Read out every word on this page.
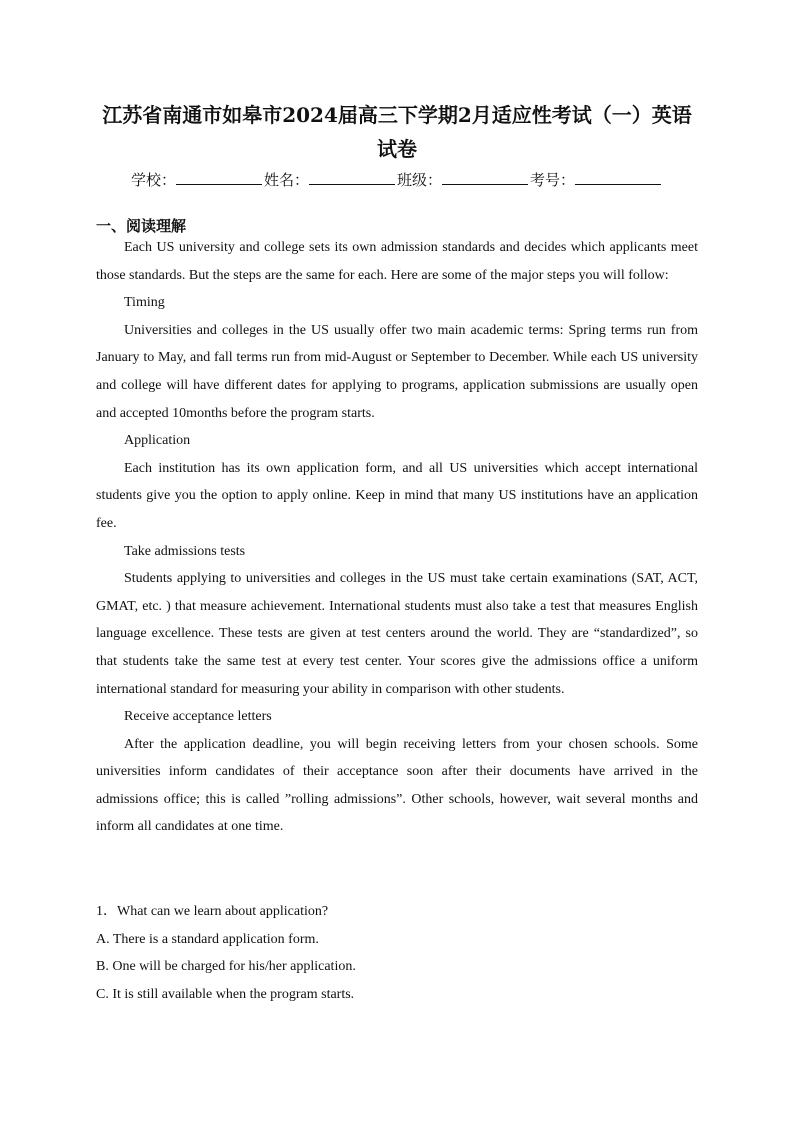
江苏省南通市如皋市2024届高三下学期2月适应性考试（一）英语试卷
学校：	姓名：	班级：	考号：
一、阅读理解

Each US university and college sets its own admission standards and decides which applicants meet those standards. But the steps are the same for each. Here are some of the major steps you will follow:

Timing

Universities and colleges in the US usually offer two main academic terms: Spring terms run from January to May, and fall terms run from mid-August or September to December. While each US university and college will have different dates for applying to programs, application submissions are usually open and accepted 10months before the program starts.

Application

Each institution has its own application form, and all US universities which accept international students give you the option to apply online. Keep in mind that many US institutions have an application fee.

Take admissions tests

Students applying to universities and colleges in the US must take certain examinations (SAT, ACT, GMAT, etc. ) that measure achievement. International students must also take a test that measures English language excellence. These tests are given at test centers around the world. They are “standardized”, so that students take the same test at every test center. Your scores give the admissions office a uniform international standard for measuring your ability in comparison with other students.

Receive acceptance letters

After the application deadline, you will begin receiving letters from your chosen schools. Some universities inform candidates of their acceptance soon after their documents have arrived in the admissions office; this is called ”rolling admissions”. Other schools, however, wait several months and inform all candidates at one time.

1．What can we learn about application?

A. There is a standard application form.

B. One will be charged for his/her application.

C. It is still available when the program starts.
